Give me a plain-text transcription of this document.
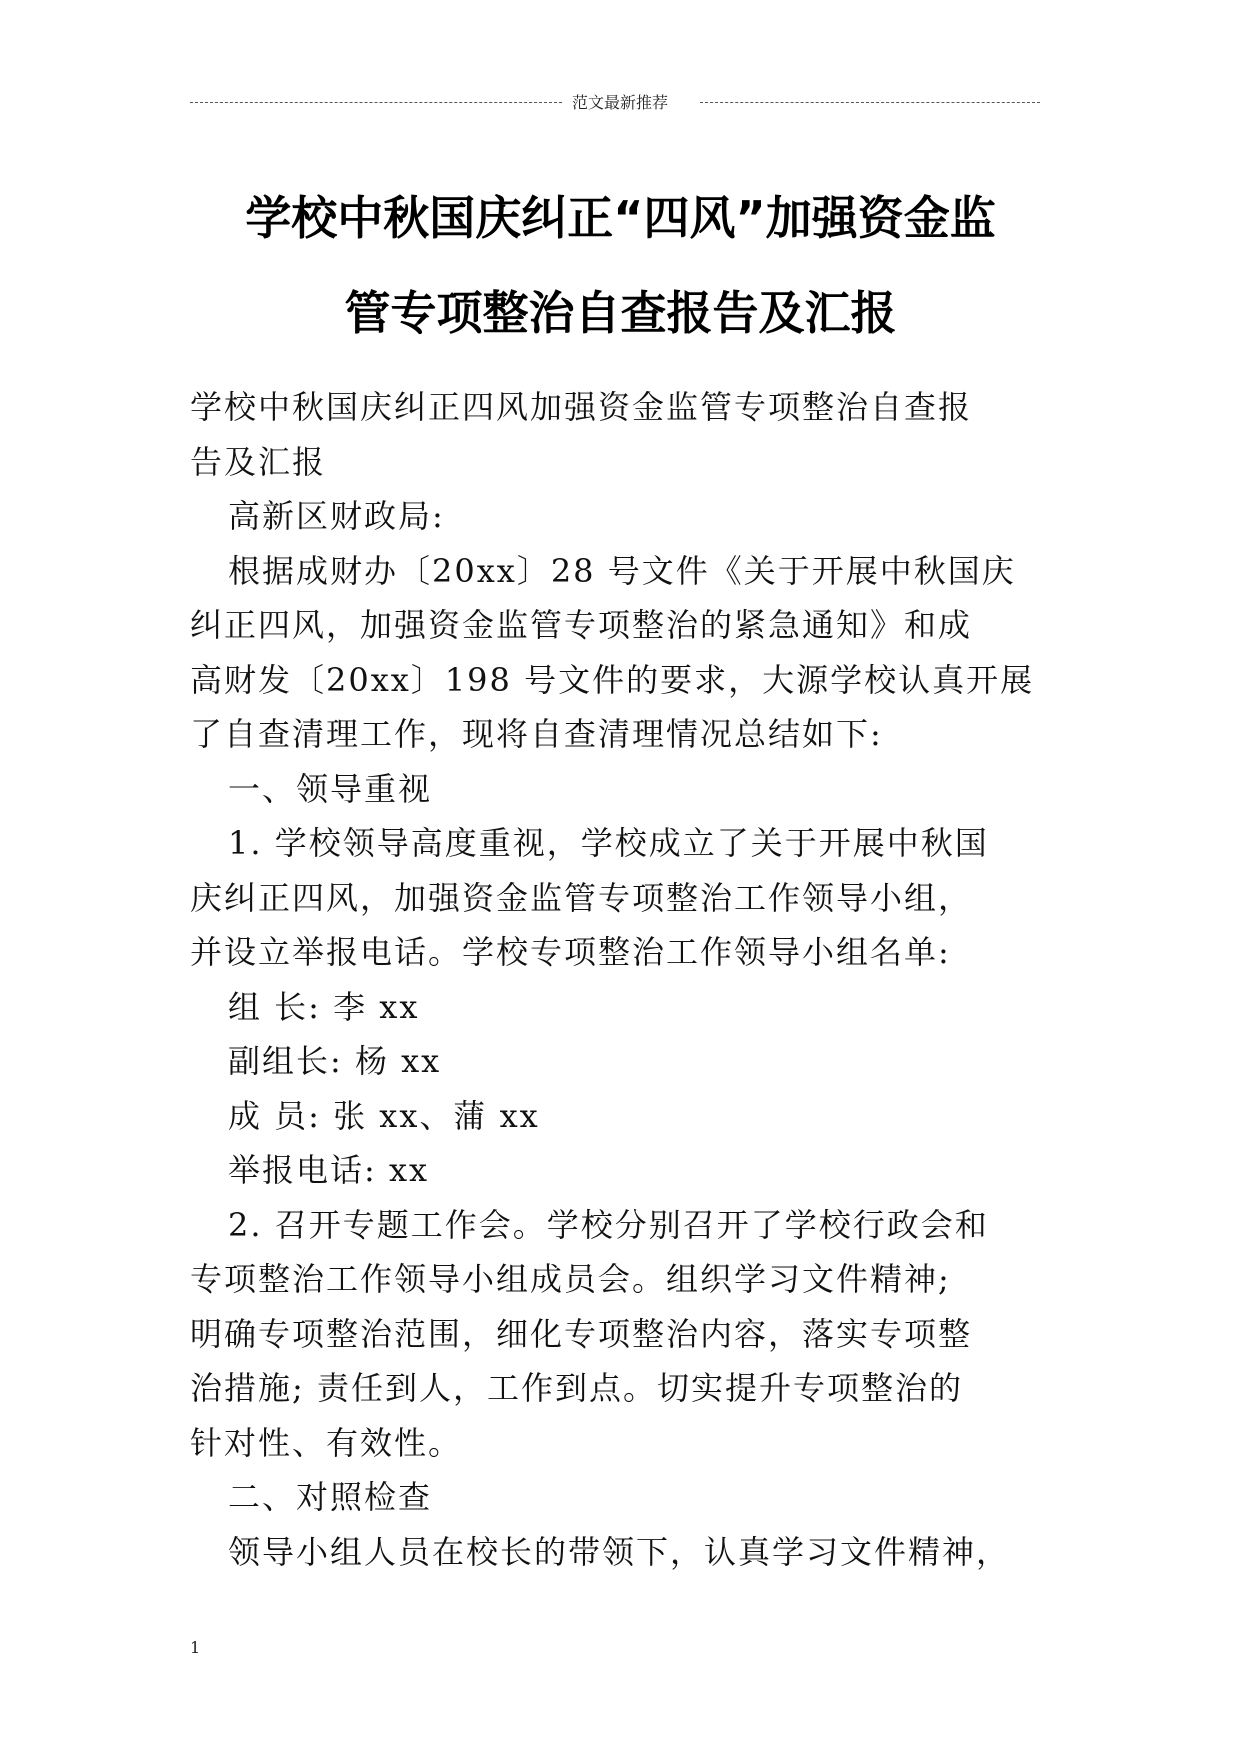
范文最新推荐
学校中秋国庆纠正“四风”加强资金监
管专项整治自查报告及汇报

学校中秋国庆纠正四风加强资金监管专项整治自查报

告及汇报

高新区财政局:

根据成财办〔20xx〕28 号文件《关于开展中秋国庆

纠正四风，加强资金监管专项整治的紧急通知》和成

高财发〔20xx〕198 号文件的要求，大源学校认真开展

了自查清理工作，现将自查清理情况总结如下:

一、领导重视

1. 学校领导高度重视，学校成立了关于开展中秋国

庆纠正四风，加强资金监管专项整治工作领导小组，

并设立举报电话。学校专项整治工作领导小组名单:

组 长: 李 xx

副组长: 杨 xx

成 员: 张 xx、蒲 xx

举报电话: xx

2. 召开专题工作会。学校分别召开了学校行政会和

专项整治工作领导小组成员会。组织学习文件精神;

明确专项整治范围，细化专项整治内容，落实专项整

治措施; 责任到人，工作到点。切实提升专项整治的

针对性、有效性。

二、对照检查

领导小组人员在校长的带领下，认真学习文件精神，

1
